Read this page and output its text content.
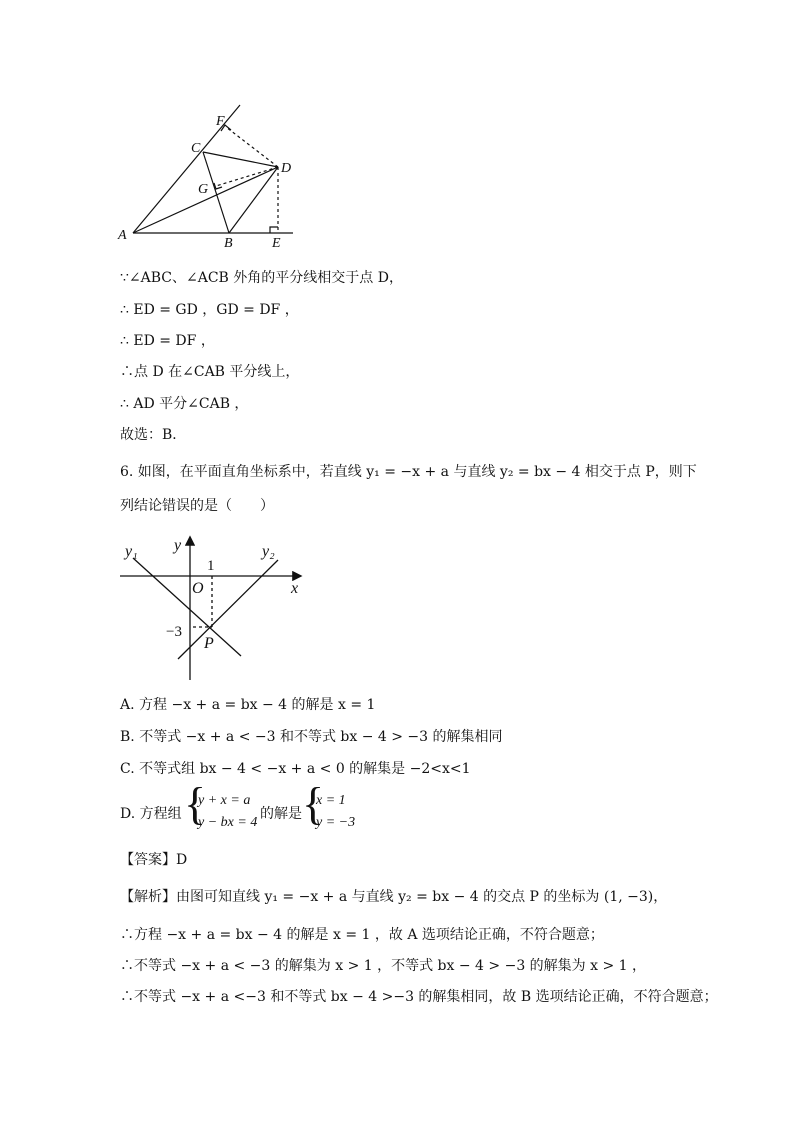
A
B
C
D
E
F
G
∵∠ABC、∠ACB 外角的平分线相交于点 D，
∴ ED = GD ，GD = DF ，
∴ ED = DF ，
∴点 D 在∠CAB 平分线上，
∴ AD 平分∠CAB ，
故选：B．
6. 如图，在平面直角坐标系中，若直线 y₁ = −x + a 与直线 y₂ = bx − 4 相交于点 P，则下
列结论错误的是（　　）
y₁	y₂
y
x
O
P
1
−3
A. 方程 −x + a = bx − 4 的解是 x = 1
B. 不等式 −x + a < −3 和不等式 bx − 4 > −3 的解集相同
C. 不等式组 bx − 4 < −x + a < 0 的解集是 −2<x<1
D. 方程组 {
y + x = a
y − bx = 4
的解是 {
x = 1
y = −3
【答案】D
【解析】由图可知直线 y₁ = −x + a 与直线 y₂ = bx − 4 的交点 P 的坐标为 (1, −3)，
∴方程 −x + a = bx − 4 的解是 x = 1 ，故 A 选项结论正确，不符合题意；
∴不等式 −x + a < −3 的解集为 x > 1 ，不等式 bx − 4 > −3 的解集为 x > 1 ，
∴不等式 −x + a <−3 和不等式 bx − 4 >−3 的解集相同，故 B 选项结论正确，不符合题意；
